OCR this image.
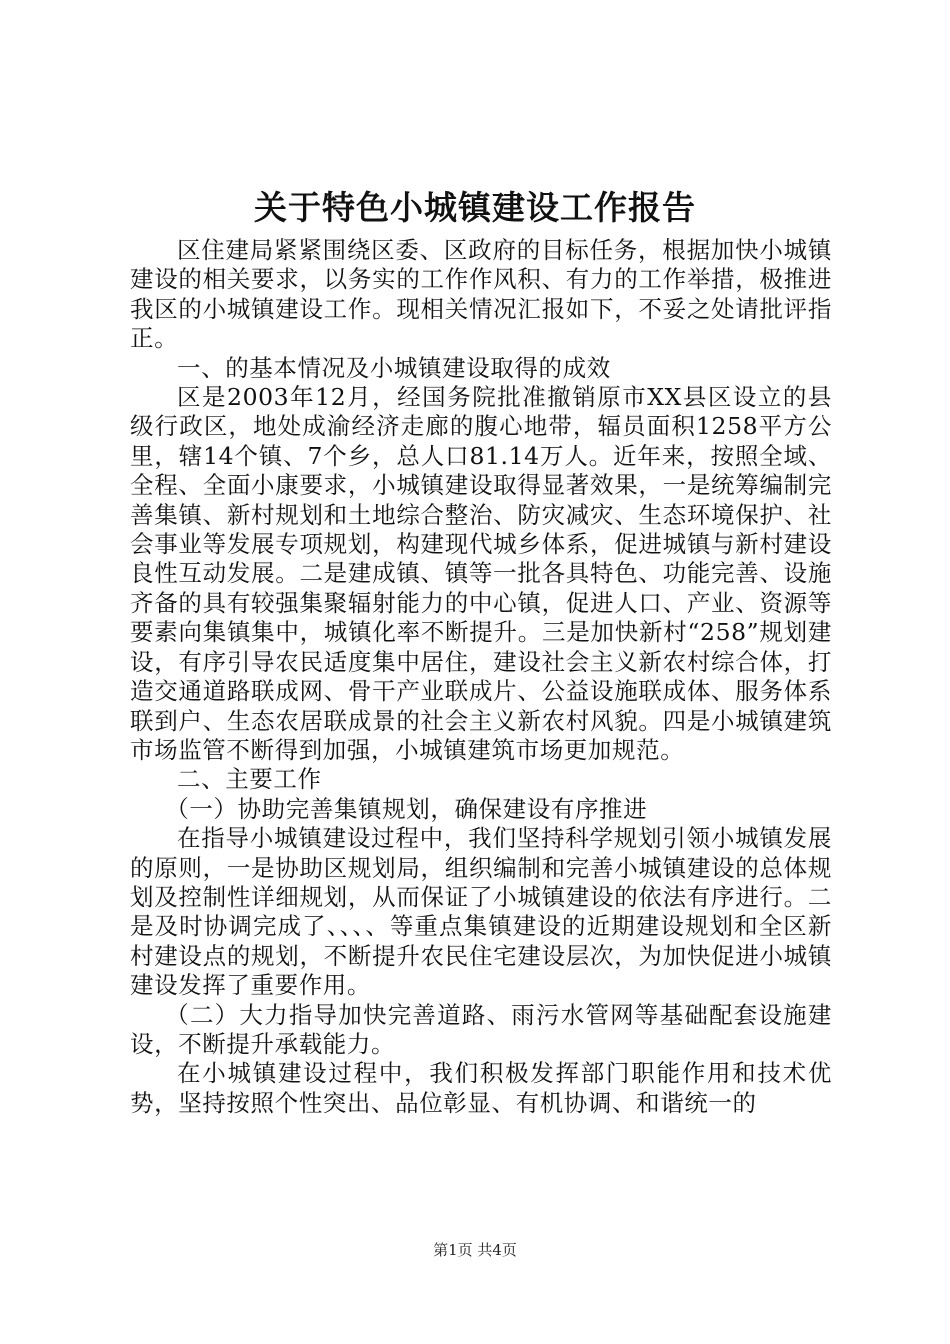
关于特色小城镇建设工作报告

区住建局紧紧围绕区委、区政府的目标任务，根据加快小城镇建设的相关要求，以务实的工作作风积、有力的工作举措，极推进我区的小城镇建设工作。现相关情况汇报如下，不妥之处请批评指正。

一、的基本情况及小城镇建设取得的成效

区是2003年12月，经国务院批准撤销原市XX县区设立的县级行政区，地处成渝经济走廊的腹心地带，辐员面积1258平方公里，辖14个镇、7个乡，总人口81.14万人。近年来，按照全域、全程、全面小康要求，小城镇建设取得显著效果，一是统筹编制完善集镇、新村规划和土地综合整治、防灾减灾、生态环境保护、社会事业等发展专项规划，构建现代城乡体系，促进城镇与新村建设良性互动发展。二是建成镇、镇等一批各具特色、功能完善、设施齐备的具有较强集聚辐射能力的中心镇，促进人口、产业、资源等要素向集镇集中，城镇化率不断提升。三是加快新村“258”规划建设，有序引导农民适度集中居住，建设社会主义新农村综合体，打造交通道路联成网、骨干产业联成片、公益设施联成体、服务体系联到户、生态农居联成景的社会主义新农村风貌。四是小城镇建筑市场监管不断得到加强，小城镇建筑市场更加规范。

二、主要工作

（一）协助完善集镇规划，确保建设有序推进

在指导小城镇建设过程中，我们坚持科学规划引领小城镇发展的原则，一是协助区规划局，组织编制和完善小城镇建设的总体规划及控制性详细规划，从而保证了小城镇建设的依法有序进行。二是及时协调完成了、、、、等重点集镇建设的近期建设规划和全区新村建设点的规划，不断提升农民住宅建设层次，为加快促进小城镇建设发挥了重要作用。

（二）大力指导加快完善道路、雨污水管网等基础配套设施建设，不断提升承载能力。

在小城镇建设过程中，我们积极发挥部门职能作用和技术优势，坚持按照个性突出、品位彰显、有机协调、和谐统一的

第1页 共4页
